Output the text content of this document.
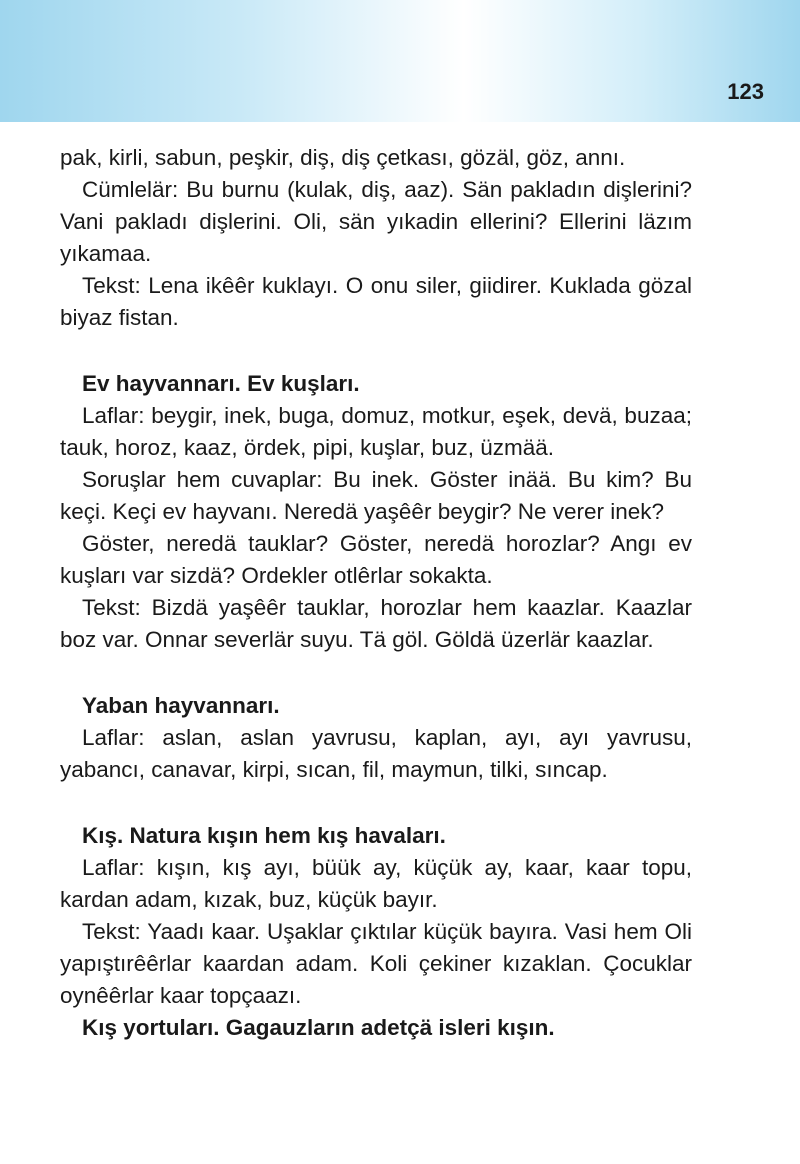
123

pak, kirli, sabun, peşkir, diş, diş çetkası, gözäl, göz, annı.

Cümlelär: Bu burnu (kulak, diş, aaz). Sän pakladın dişlerini? Vani pakladı dişlerini. Oli, sän yıkadin ellerini? Ellerini läzım yıkamaa.

Tekst: Lena ikêêr kuklayı. O onu siler, giidirer. Kuklada gözal biyaz fistan.

Ev hayvannarı. Ev kuşları.

Laflar: beygir, inek, buga, domuz, motkur, eşek, devä, buzaa; tauk, horoz, kaaz, ördek, pipi, kuşlar, buz, üzmää.

Soruşlar hem cuvaplar: Bu inek. Göster inää. Bu kim? Bu keçi. Keçi ev hayvanı. Neredä yaşêêr beygir? Ne verer inek?

Göster, neredä tauklar? Göster, neredä horozlar? Angı ev kuşları var sizdä? Ordekler otlêrlar sokakta.

Tekst: Bizdä yaşêêr tauklar, horozlar hem kaazlar. Kaazlar boz var. Onnar severlär suyu. Tä göl. Göldä üzerlär kaazlar.

Yaban hayvannarı.

Laflar: aslan, aslan yavrusu, kaplan, ayı, ayı yavrusu, yabancı, canavar, kirpi, sıcan, fil, maymun, tilki, sıncap.

Kış. Natura kışın hem kış havaları.

Laflar: kışın, kış ayı, büük ay, küçük ay, kaar, kaar topu, kardan adam, kızak, buz, küçük bayır.

Tekst: Yaadı kaar. Uşaklar çıktılar küçük bayıra. Vasi hem Oli yapıştırêêrlar kaardan adam. Koli çekiner kızaklan. Çocuklar oynêêrlar kaar topçaazı.

Kış yortuları. Gagauzların adetçä isleri kışın.
